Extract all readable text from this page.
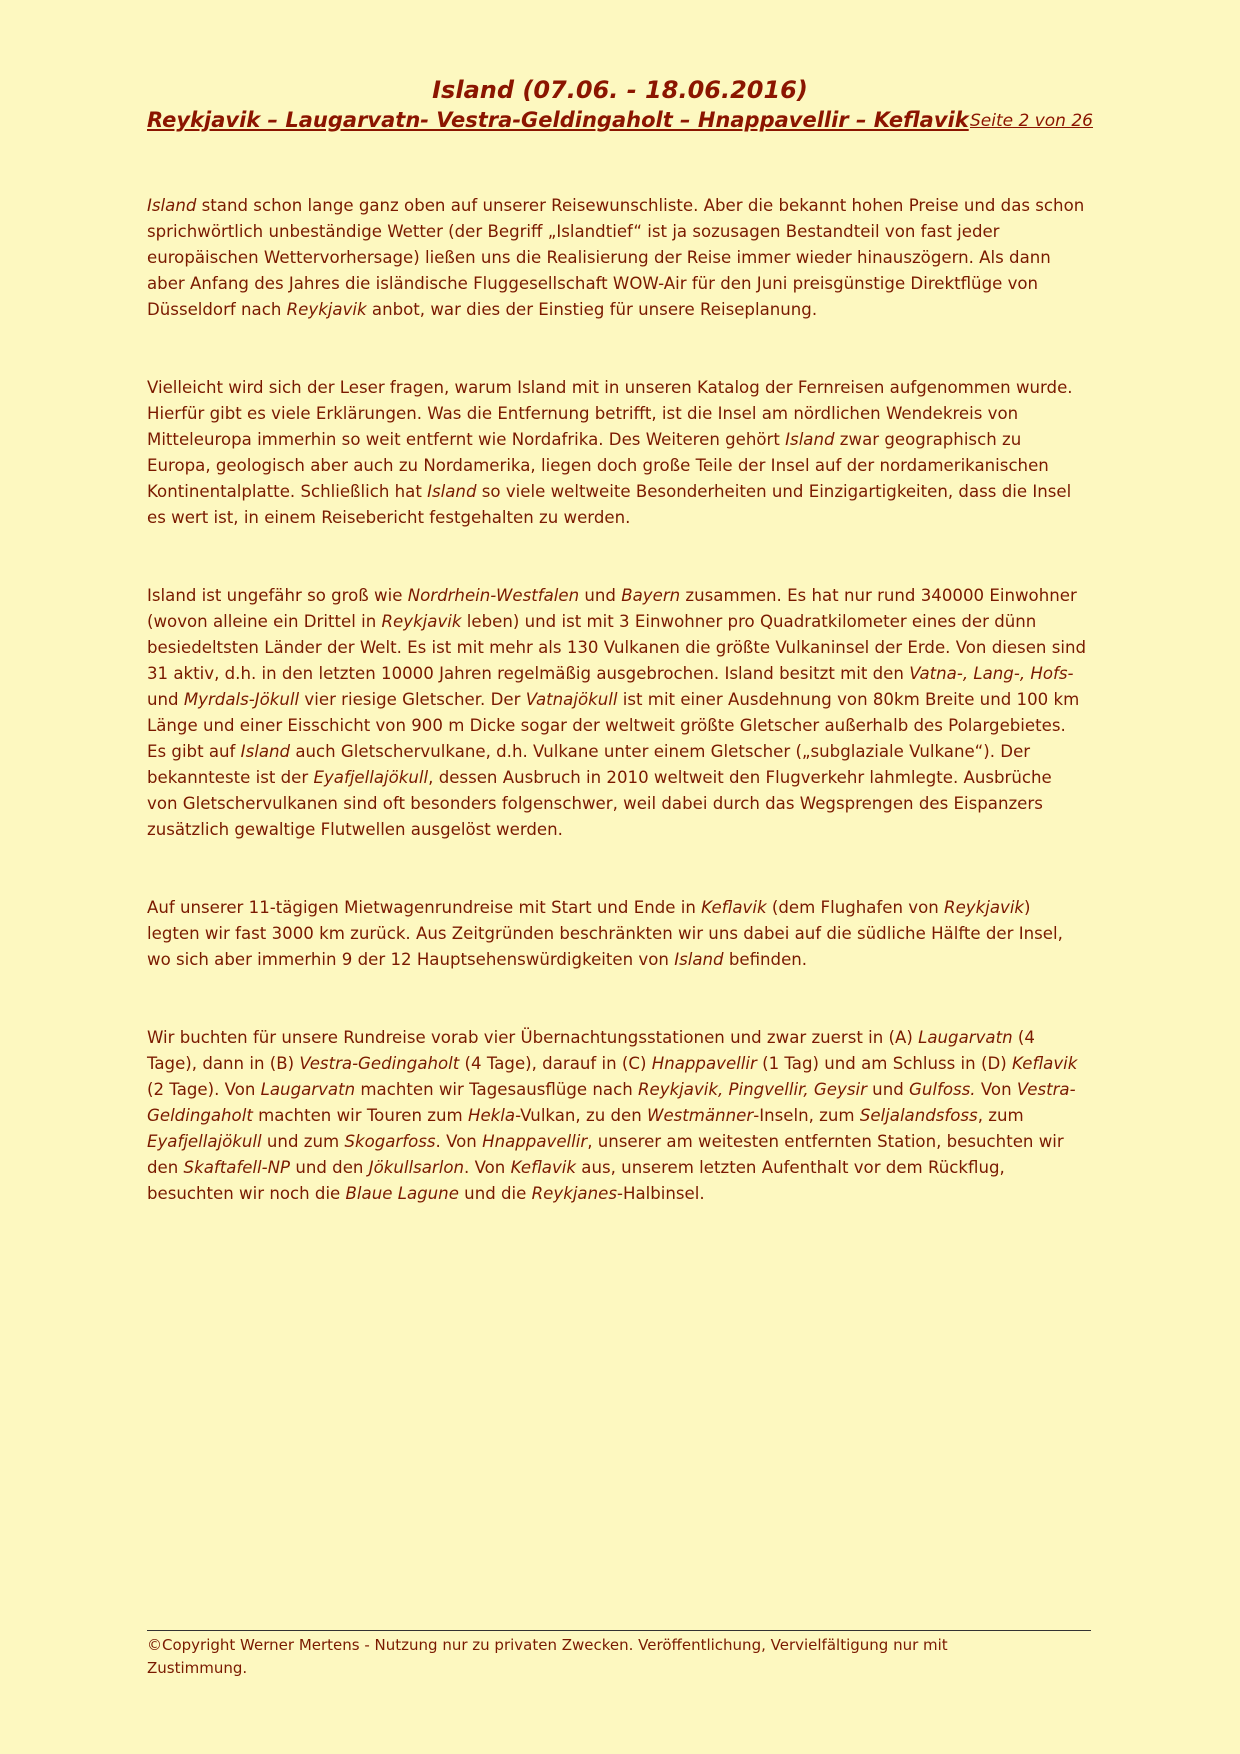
Island (07.06. - 18.06.2016)
Reykjavik – Laugarvatn- Vestra-Geldingaholt – Hnappavellir – Keflavik Seite 2 von 26

Island stand schon lange ganz oben auf unserer Reisewunschliste. Aber die bekannt hohen Preise und das schon sprichwörtlich unbeständige Wetter (der Begriff „Islandtief“ ist ja sozusagen Bestandteil von fast jeder europäischen Wettervorhersage) ließen uns die Realisierung der Reise immer wieder hinauszögern. Als dann aber Anfang des Jahres die isländische Fluggesellschaft WOW-Air für den Juni preisgünstige Direktflüge von Düsseldorf nach Reykjavik anbot, war dies der Einstieg für unsere Reiseplanung.

Vielleicht wird sich der Leser fragen, warum Island mit in unseren Katalog der Fernreisen aufgenommen wurde. Hierfür gibt es viele Erklärungen. Was die Entfernung betrifft, ist die Insel am nördlichen Wendekreis von Mitteleuropa immerhin so weit entfernt wie Nordafrika. Des Weiteren gehört Island zwar geographisch zu Europa, geologisch aber auch zu Nordamerika, liegen doch große Teile der Insel auf der nordamerikanischen Kontinentalplatte. Schließlich hat Island so viele weltweite Besonderheiten und Einzigartigkeiten, dass die Insel es wert ist, in einem Reisebericht festgehalten zu werden.

Island ist ungefähr so groß wie Nordrhein-Westfalen und Bayern zusammen. Es hat nur rund 340000 Einwohner (wovon alleine ein Drittel in Reykjavik leben) und ist mit 3 Einwohner pro Quadratkilometer eines der dünn besiedeltsten Länder der Welt. Es ist mit mehr als 130 Vulkanen die größte Vulkaninsel der Erde. Von diesen sind 31 aktiv, d.h. in den letzten 10000 Jahren regelmäßig ausgebrochen. Island besitzt mit den Vatna-, Lang-, Hofs- und Myrdals-Jökull vier riesige Gletscher. Der Vatnajökull ist mit einer Ausdehnung von 80km Breite und 100 km Länge und einer Eisschicht von 900 m Dicke sogar der weltweit größte Gletscher außerhalb des Polargebietes. Es gibt auf Island auch Gletschervulkane, d.h. Vulkane unter einem Gletscher („subglaziale Vulkane“). Der bekannteste ist der Eyafjellajökull, dessen Ausbruch in 2010 weltweit den Flugverkehr lahmlegte. Ausbrüche von Gletschervulkanen sind oft besonders folgenschwer, weil dabei durch das Wegsprengen des Eispanzers zusätzlich gewaltige Flutwellen ausgelöst werden.

Auf unserer 11-tägigen Mietwagenrundreise mit Start und Ende in Keflavik (dem Flughafen von Reykjavik) legten wir fast 3000 km zurück. Aus Zeitgründen beschränkten wir uns dabei auf die südliche Hälfte der Insel, wo sich aber immerhin 9 der 12 Hauptsehenswürdigkeiten von Island befinden.

Wir buchten für unsere Rundreise vorab vier Übernachtungsstationen und zwar zuerst in (A) Laugarvatn (4 Tage), dann in (B) Vestra-Gedingaholt (4 Tage), darauf in (C) Hnappavellir (1 Tag) und am Schluss in (D) Keflavik (2 Tage). Von Laugarvatn machten wir Tagesausflüge nach Reykjavik, Pingvellir, Geysir und Gulfoss. Von Vestra-Geldingaholt machten wir Touren zum Hekla-Vulkan, zu den Westmänner-Inseln, zum Seljalandsfoss, zum Eyafjellajökull und zum Skogarfoss. Von Hnappavellir, unserer am weitesten entfernten Station, besuchten wir den Skaftafell-NP und den Jökullsarlon. Von Keflavik aus, unserem letzten Aufenthalt vor dem Rückflug, besuchten wir noch die Blaue Lagune und die Reykjanes-Halbinsel.

©Copyright Werner Mertens - Nutzung nur zu privaten Zwecken. Veröffentlichung, Vervielfältigung nur mit Zustimmung.
